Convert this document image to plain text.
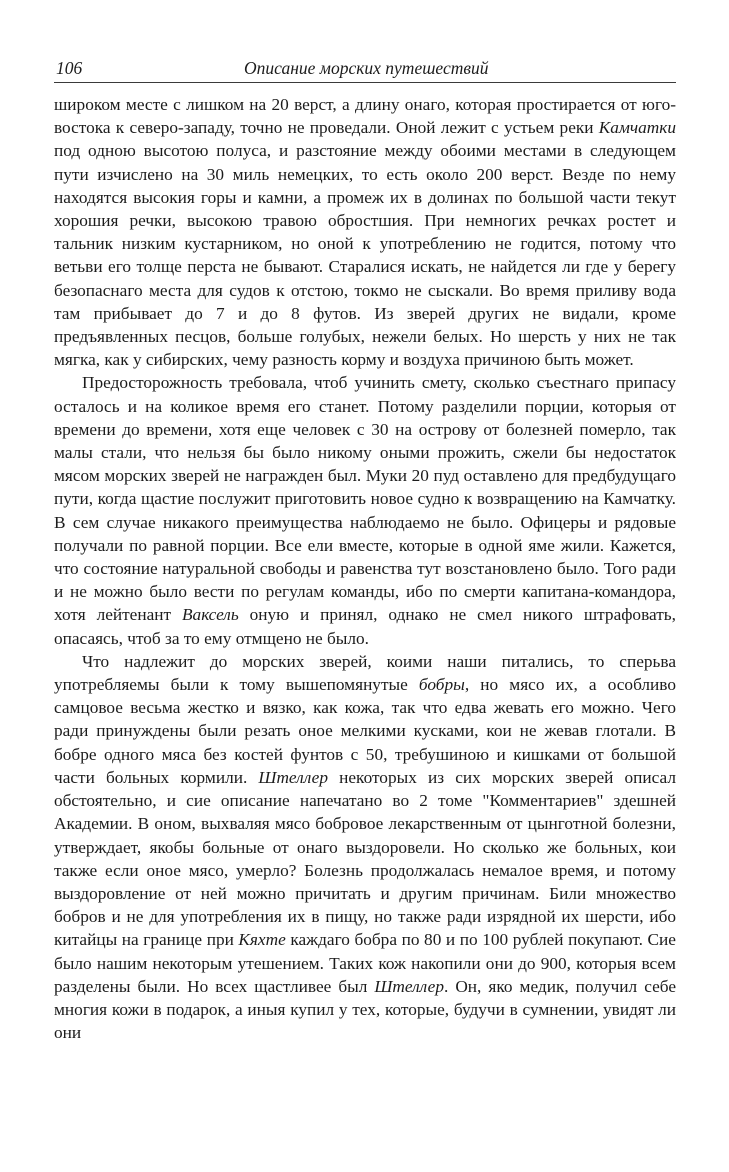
106	Описание морских путешествий

широком месте с лишком на 20 верст, а длину онаго, которая простирается от юго-востока к северо-западу, точно не проведали. Оной лежит с устьем реки Камчатки под одною высотою полуса, и разстояние между обоими местами в следующем пути изчислено на 30 миль немецких, то есть около 200 верст. Везде по нему находятся высокия горы и камни, а промеж их в долинах по большой части текут хорошия речки, высокою травою обростшия. При немногих речках ростет и тальник низким кустарником, но оной к употреблению не годится, потому что ветьви его толще перста не бывают. Старалися искать, не найдется ли где у берегу безопаснаго места для судов к отстою, токмо не сыскали. Во время приливу вода там прибывает до 7 и до 8 футов. Из зверей других не видали, кроме предъявленных песцов, больше голубых, нежели белых. Но шерсть у них не так мягка, как у сибирских, чему разность корму и воздуха причиною быть может.

Предосторожность требовала, чтоб учинить смету, сколько съестнаго припасу осталось и на коликое время его станет. Потому разделили порции, которыя от времени до времени, хотя еще человек с 30 на острову от болезней померло, так малы стали, что нельзя бы было никому оными прожить, сжели бы недостаток мясом морских зверей не награжден был. Муки 20 пуд оставлено для предбудущаго пути, когда щастие послужит приготовить новое судно к возвращению на Камчатку. В сем случае никакого преимущества наблюдаемо не было. Офицеры и рядовые получали по равной порции. Все ели вместе, которые в одной яме жили. Кажется, что состояние натуральной свободы и равенства тут возстановлено было. Того ради и не можно было вести по регулам команды, ибо по смерти капитана-командора, хотя лейтенант Ваксель оную и принял, однако не смел никого штрафовать, опасаясь, чтоб за то ему отмщено не было.

Что надлежит до морских зверей, коими наши питались, то сперьва употребляемы были к тому вышепомянутые бобры, но мясо их, а особливо самцовое весьма жестко и вязко, как кожа, так что едва жевать его можно. Чего ради принуждены были резать оное мелкими кусками, кои не жевав глотали. В бобре одного мяса без костей фунтов с 50, требушиною и кишками от большой части больных кормили. Штеллер некоторых из сих морских зверей описал обстоятельно, и сие описание напечатано во 2 томе "Комментариев" здешней Академии. В оном, выхваляя мясо бобровое лекарственным от цынготной болезни, утверждает, якобы больные от онаго выздоровели. Но сколько же больных, кои также если оное мясо, умерло? Болезнь продолжалась немалое время, и потому выздоровление от ней можно причитать и другим причинам. Били множество бобров и не для употребления их в пищу, но также ради изрядной их шерсти, ибо китайцы на границе при Кяхте каждаго бобра по 80 и по 100 рублей покупают. Сие было нашим некоторым утешением. Таких кож накопили они до 900, которыя всем разделены были. Но всех щастливее был Штеллер. Он, яко медик, получил себе многия кожи в подарок, а иныя купил у тех, которые, будучи в сумнении, увидят ли они
